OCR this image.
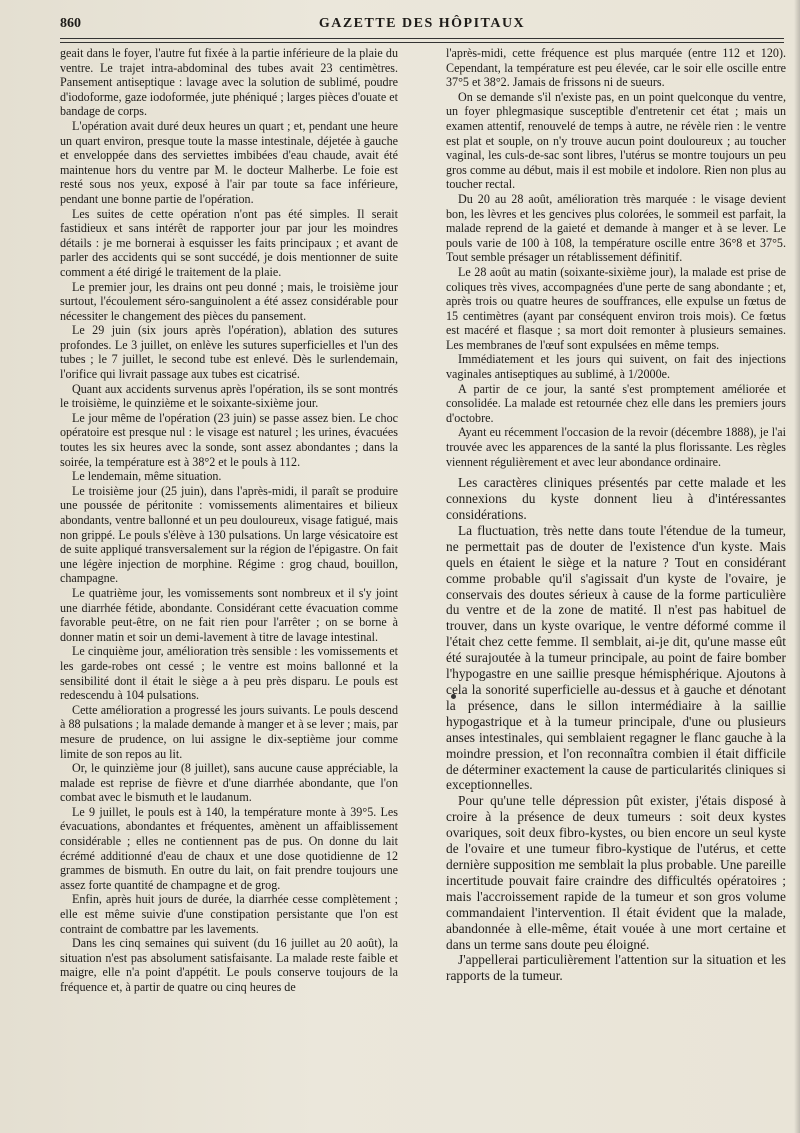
860	GAZETTE DES HÔPITAUX

geait dans le foyer, l'autre fut fixée à la partie inférieure de la plaie du ventre. Le trajet intra-abdominal des tubes avait 23 centimètres. Pansement antiseptique : lavage avec la solution de sublimé, poudre d'iodoforme, gaze iodoformée, jute phéniqué ; larges pièces d'ouate et bandage de corps.

L'opération avait duré deux heures un quart ; et, pendant une heure un quart environ, presque toute la masse intestinale, déjetée à gauche et enveloppée dans des serviettes imbibées d'eau chaude, avait été maintenue hors du ventre par M. le docteur Malherbe. Le foie est resté sous nos yeux, exposé à l'air par toute sa face inférieure, pendant une bonne partie de l'opération.

Les suites de cette opération n'ont pas été simples. Il serait fastidieux et sans intérêt de rapporter jour par jour les moindres détails : je me bornerai à esquisser les faits principaux ; et avant de parler des accidents qui se sont succédé, je dois mentionner de suite comment a été dirigé le traitement de la plaie.

Le premier jour, les drains ont peu donné ; mais, le troisième jour surtout, l'écoulement séro-sanguinolent a été assez considérable pour nécessiter le changement des pièces du pansement.

Le 29 juin (six jours après l'opération), ablation des sutures profondes. Le 3 juillet, on enlève les sutures superficielles et l'un des tubes ; le 7 juillet, le second tube est enlevé. Dès le surlendemain, l'orifice qui livrait passage aux tubes est cicatrisé.

Quant aux accidents survenus après l'opération, ils se sont montrés le troisième, le quinzième et le soixante-sixième jour.

Le jour même de l'opération (23 juin) se passe assez bien. Le choc opératoire est presque nul : le visage est naturel ; les urines, évacuées toutes les six heures avec la sonde, sont assez abondantes ; dans la soirée, la température est à 38°2 et le pouls à 112.

Le lendemain, même situation.

Le troisième jour (25 juin), dans l'après-midi, il paraît se produire une poussée de péritonite : vomissements alimentaires et bilieux abondants, ventre ballonné et un peu douloureux, visage fatigué, mais non grippé. Le pouls s'élève à 130 pulsations. Un large vésicatoire est de suite appliqué transversalement sur la région de l'épigastre. On fait une légère injection de morphine. Régime : grog chaud, bouillon, champagne.

Le quatrième jour, les vomissements sont nombreux et il s'y joint une diarrhée fétide, abondante. Considérant cette évacuation comme favorable peut-être, on ne fait rien pour l'arrêter ; on se borne à donner matin et soir un demi-lavement à titre de lavage intestinal.

Le cinquième jour, amélioration très sensible : les vomissements et les garde-robes ont cessé ; le ventre est moins ballonné et la sensibilité dont il était le siège a à peu près disparu. Le pouls est redescendu à 104 pulsations.

Cette amélioration a progressé les jours suivants. Le pouls descend à 88 pulsations ; la malade demande à manger et à se lever ; mais, par mesure de prudence, on lui assigne le dix-septième jour comme limite de son repos au lit.

Or, le quinzième jour (8 juillet), sans aucune cause appréciable, la malade est reprise de fièvre et d'une diarrhée abondante, que l'on combat avec le bismuth et le laudanum.

Le 9 juillet, le pouls est à 140, la température monte à 39°5. Les évacuations, abondantes et fréquentes, amènent un affaiblissement considérable ; elles ne contiennent pas de pus. On donne du lait écrémé additionné d'eau de chaux et une dose quotidienne de 12 grammes de bismuth. En outre du lait, on fait prendre toujours une assez forte quantité de champagne et de grog.

Enfin, après huit jours de durée, la diarrhée cesse complètement ; elle est même suivie d'une constipation persistante que l'on est contraint de combattre par les lavements.

Dans les cinq semaines qui suivent (du 16 juillet au 20 août), la situation n'est pas absolument satisfaisante. La malade reste faible et maigre, elle n'a point d'appétit. Le pouls conserve toujours de la fréquence et, à partir de quatre ou cinq heures de

l'après-midi, cette fréquence est plus marquée (entre 112 et 120). Cependant, la température est peu élevée, car le soir elle oscille entre 37°5 et 38°2. Jamais de frissons ni de sueurs.

On se demande s'il n'existe pas, en un point quelconque du ventre, un foyer phlegmasique susceptible d'entretenir cet état ; mais un examen attentif, renouvelé de temps à autre, ne révèle rien : le ventre est plat et souple, on n'y trouve aucun point douloureux ; au toucher vaginal, les culs-de-sac sont libres, l'utérus se montre toujours un peu gros comme au début, mais il est mobile et indolore. Rien non plus au toucher rectal.

Du 20 au 28 août, amélioration très marquée : le visage devient bon, les lèvres et les gencives plus colorées, le sommeil est parfait, la malade reprend de la gaieté et demande à manger et à se lever. Le pouls varie de 100 à 108, la température oscille entre 36°8 et 37°5. Tout semble présager un rétablissement définitif.

Le 28 août au matin (soixante-sixième jour), la malade est prise de coliques très vives, accompagnées d'une perte de sang abondante ; et, après trois ou quatre heures de souffrances, elle expulse un fœtus de 15 centimètres (ayant par conséquent environ trois mois). Ce fœtus est macéré et flasque ; sa mort doit remonter à plusieurs semaines. Les membranes de l'œuf sont expulsées en même temps.

Immédiatement et les jours qui suivent, on fait des injections vaginales antiseptiques au sublimé, à 1/2000e.

A partir de ce jour, la santé s'est promptement améliorée et consolidée. La malade est retournée chez elle dans les premiers jours d'octobre.

Ayant eu récemment l'occasion de la revoir (décembre 1888), je l'ai trouvée avec les apparences de la santé la plus florissante. Les règles viennent régulièrement et avec leur abondance ordinaire.

Les caractères cliniques présentés par cette malade et les connexions du kyste donnent lieu à d'intéressantes considérations.

La fluctuation, très nette dans toute l'étendue de la tumeur, ne permettait pas de douter de l'existence d'un kyste. Mais quels en étaient le siège et la nature ? Tout en considérant comme probable qu'il s'agissait d'un kyste de l'ovaire, je conservais des doutes sérieux à cause de la forme particulière du ventre et de la zone de matité. Il n'est pas habituel de trouver, dans un kyste ovarique, le ventre déformé comme il l'était chez cette femme. Il semblait, ai-je dit, qu'une masse eût été surajoutée à la tumeur principale, au point de faire bomber l'hypogastre en une saillie presque hémisphérique. Ajoutons à cela la sonorité superficielle au-dessus et à gauche et dénotant la présence, dans le sillon intermédiaire à la saillie hypogastrique et à la tumeur principale, d'une ou plusieurs anses intestinales, qui semblaient regagner le flanc gauche à la moindre pression, et l'on reconnaîtra combien il était difficile de déterminer exactement la cause de particularités cliniques si exceptionnelles.

Pour qu'une telle dépression pût exister, j'étais disposé à croire à la présence de deux tumeurs : soit deux kystes ovariques, soit deux fibro-kystes, ou bien encore un seul kyste de l'ovaire et une tumeur fibro-kystique de l'utérus, et cette dernière supposition me semblait la plus probable. Une pareille incertitude pouvait faire craindre des difficultés opératoires ; mais l'accroissement rapide de la tumeur et son gros volume commandaient l'intervention. Il était évident que la malade, abandonnée à elle-même, était vouée à une mort certaine et dans un terme sans doute peu éloigné.

J'appellerai particulièrement l'attention sur la situation et les rapports de la tumeur.
